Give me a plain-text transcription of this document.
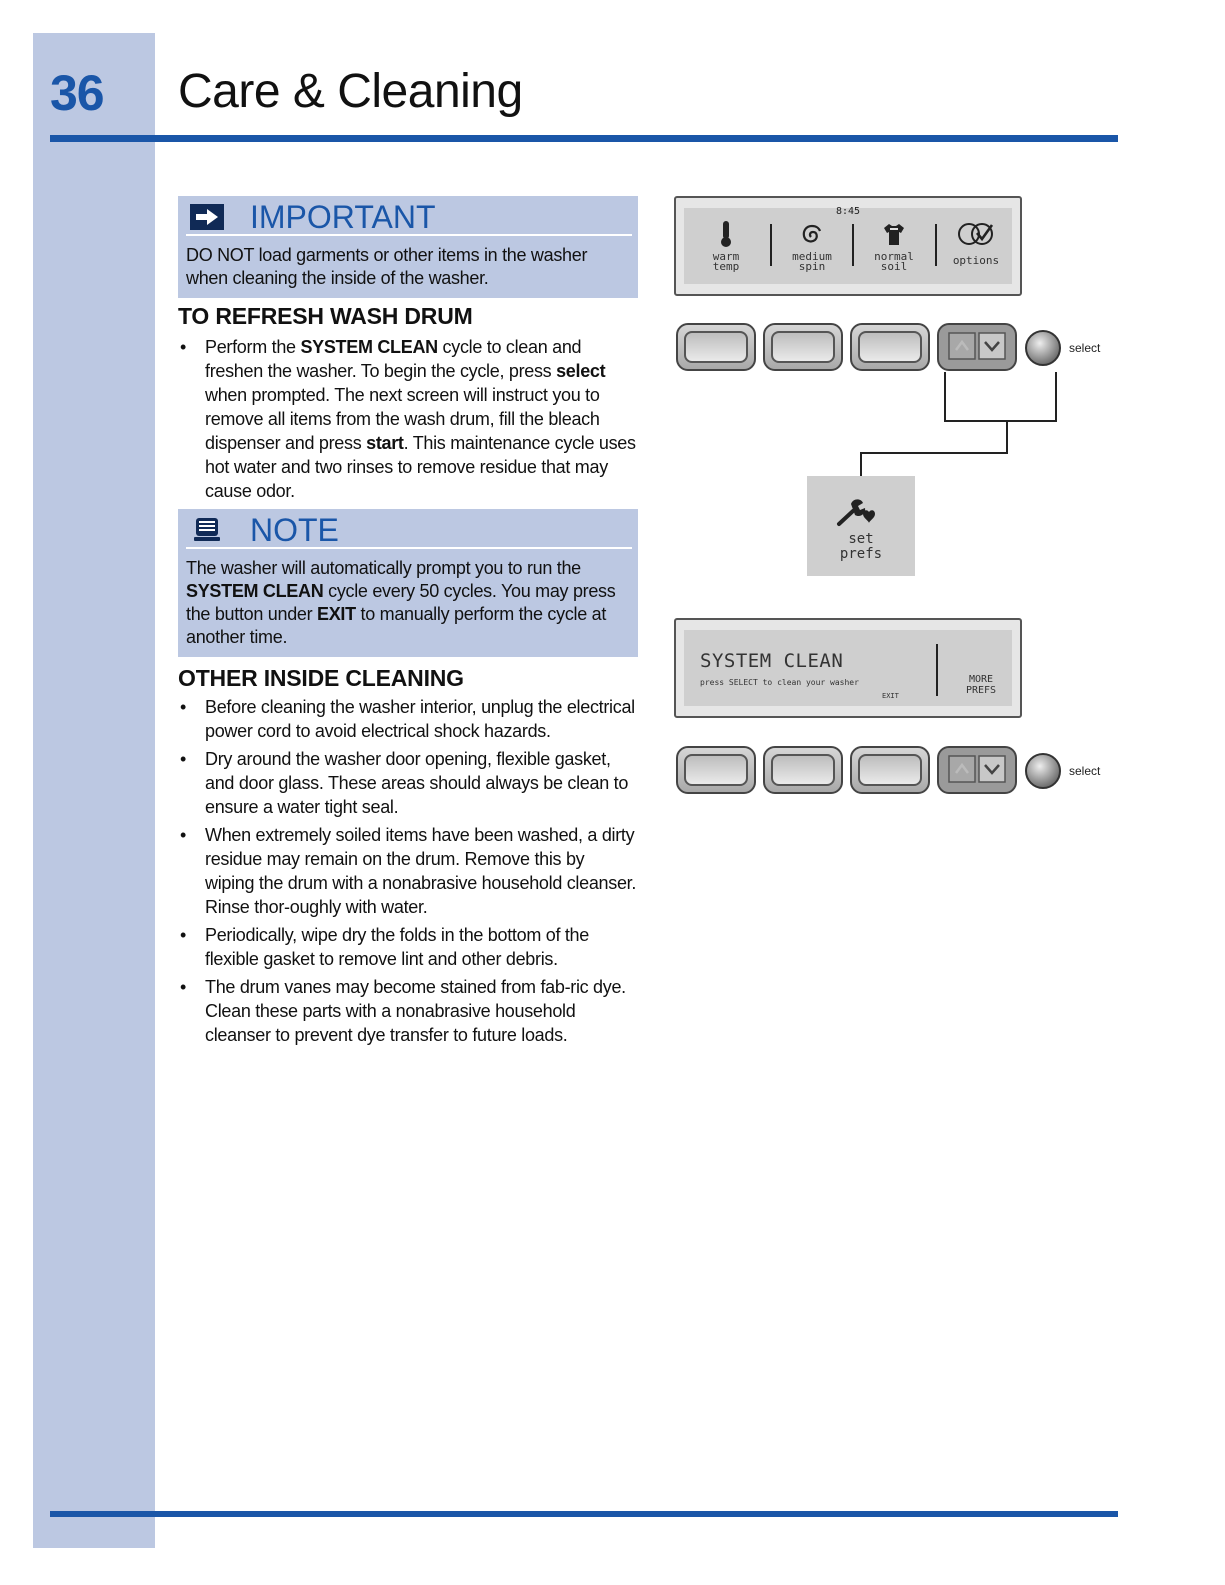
36 Care & Cleaning
IMPORTANT
DO NOT load garments or other items in the washer when cleaning the inside of the washer.
TO REFRESH WASH DRUM
• Perform the SYSTEM CLEAN cycle to clean and freshen the washer. To begin the cycle, press select when prompted. The next screen will instruct you to remove all items from the wash drum, fill the bleach dispenser and press start. This maintenance cycle uses hot water and two rinses to remove residue that may cause odor.
NOTE
The washer will automatically prompt you to run the SYSTEM CLEAN cycle every 50 cycles. You may press the button under EXIT to manually perform the cycle at another time.
OTHER INSIDE CLEANING
• Before cleaning the washer interior, unplug the electrical power cord to avoid electrical shock hazards.
• Dry around the washer door opening, flexible gasket, and door glass. These areas should always be clean to ensure a water tight seal.
• When extremely soiled items have been washed, a dirty residue may remain on the drum. Remove this by wiping the drum with a nonabrasive household cleanser. Rinse thor-oughly with water.
• Periodically, wipe dry the folds in the bottom of the flexible gasket to remove lint and other debris.
• The drum vanes may become stained from fab-ric dye. Clean these parts with a nonabrasive household cleanser to prevent dye transfer to future loads.
8:45
warm
temp
medium
spin
normal
soil	options
select
set
prefs
SYSTEM CLEAN
press SELECT to clean your washer
EXIT
MORE
PREFS
select
